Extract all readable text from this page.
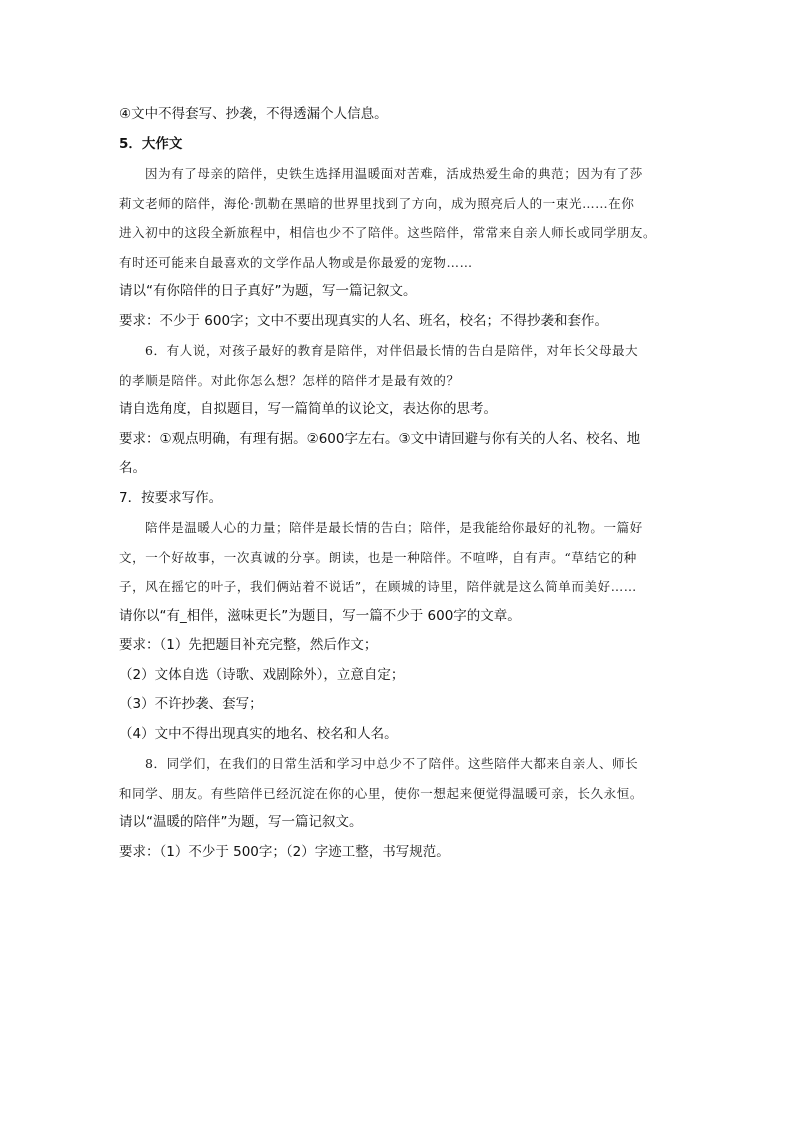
④文中不得套写、抄袭，不得透漏个人信息。
5．大作文
因为有了母亲的陪伴，史铁生选择用温暖面对苦难，活成热爱生命的典范；因为有了莎
莉文老师的陪伴，海伦·凯勒在黑暗的世界里找到了方向，成为照亮后人的一束光……在你
进入初中的这段全新旅程中，相信也少不了陪伴。这些陪伴，常常来自亲人师长或同学朋友。
有时还可能来自最喜欢的文学作品人物或是你最爱的宠物……
请以“有你陪伴的日子真好”为题，写一篇记叙文。
要求：不少于 600字；文中不要出现真实的人名、班名，校名；不得抄袭和套作。
6．有人说，对孩子最好的教育是陪伴，对伴侣最长情的告白是陪伴，对年长父母最大
的孝顺是陪伴。对此你怎么想？怎样的陪伴才是最有效的？
请自选角度，自拟题目，写一篇简单的议论文，表达你的思考。
要求：①观点明确，有理有据。②600字左右。③文中请回避与你有关的人名、校名、地
名。
7．按要求写作。
陪伴是温暖人心的力量；陪伴是最长情的告白；陪伴，是我能给你最好的礼物。一篇好
文，一个好故事，一次真诚的分享。朗读，也是一种陪伴。不喧哗，自有声。“草结它的种
子，风在摇它的叶子，我们俩站着不说话”，在顾城的诗里，陪伴就是这么简单而美好……
请你以“有_相伴，滋味更长”为题目，写一篇不少于 600字的文章。
要求：（1）先把题目补充完整，然后作文；
（2）文体自选（诗歌、戏剧除外），立意自定；
（3）不许抄袭、套写；
（4）文中不得出现真实的地名、校名和人名。
8．同学们，在我们的日常生活和学习中总少不了陪伴。这些陪伴大都来自亲人、师长
和同学、朋友。有些陪伴已经沉淀在你的心里，使你一想起来便觉得温暖可亲，长久永恒。
请以“温暖的陪伴”为题，写一篇记叙文。
要求：（1）不少于 500字；（2）字迹工整，书写规范。
